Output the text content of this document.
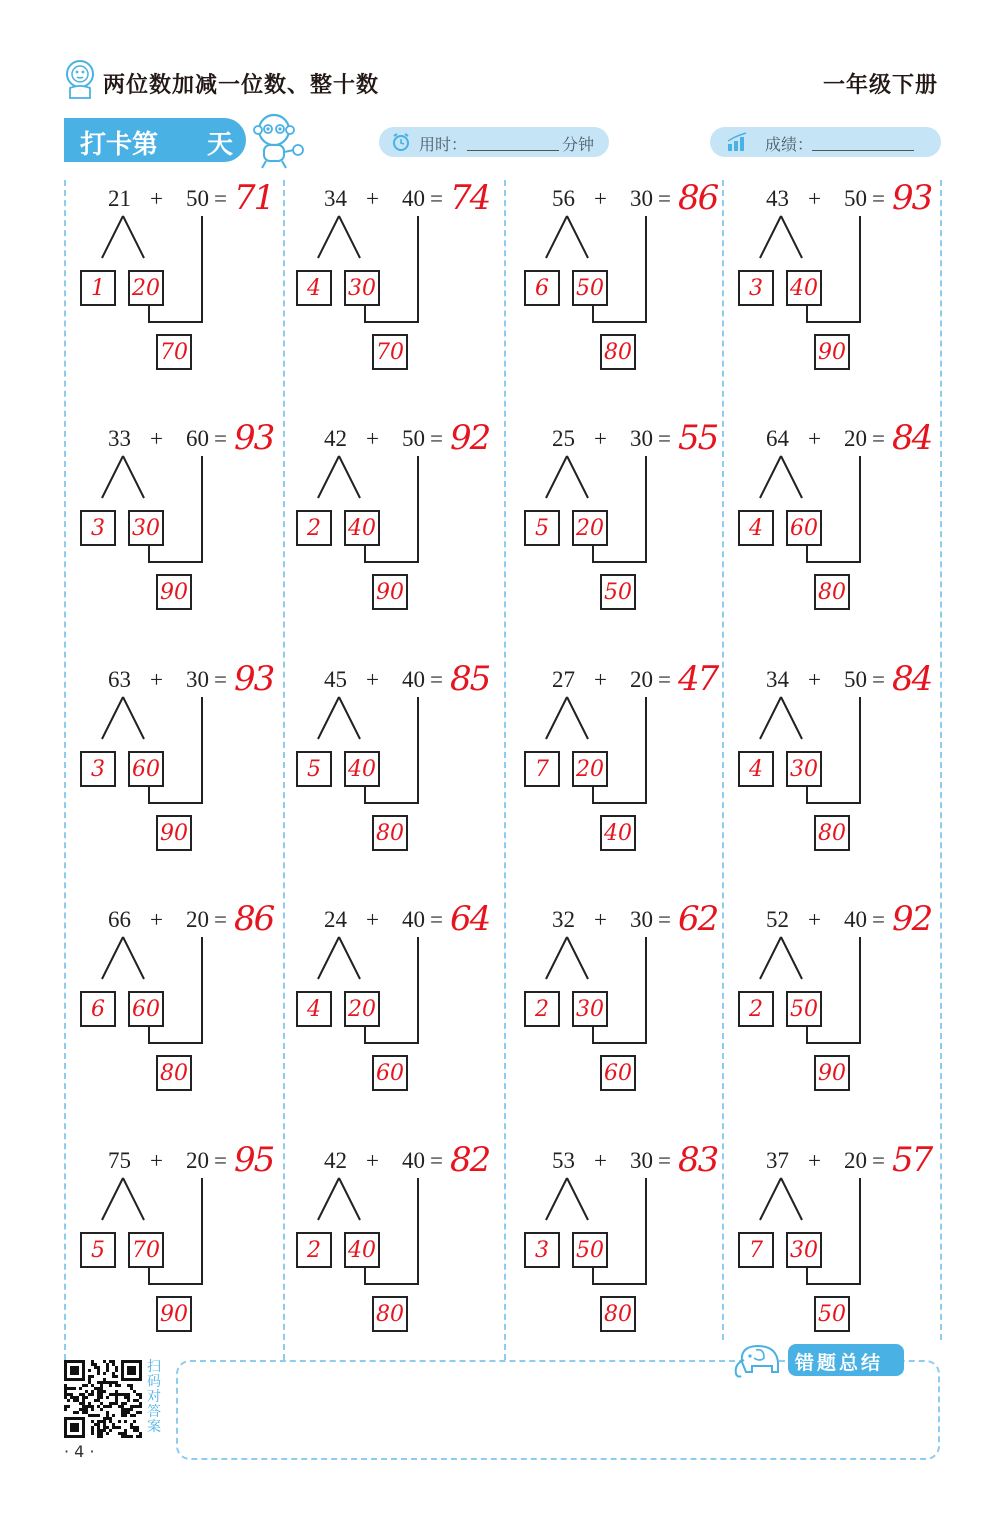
两位数加减一位数、整十数	一年级下册
打卡第 天	用时：	分钟	成绩：
21 + 50 = 71
1	20
70
34 + 40 = 74
4	30
70
56 + 30 = 86
6	50
80
43 + 50 = 93
3	40
90
33 + 60 = 93
3	30
90
42 + 50 = 92
2	40
90
25 + 30 = 55
5	20
50
64 + 20 = 84
4	60
80
63 + 30 = 93
3	60
90
45 + 40 = 85
5	40
80
27 + 20 = 47
7	20
40
34 + 50 = 84
4	30
80
66 + 20 = 86
6	60
80
24 + 40 = 64
4	20
60
32 + 30 = 62
2	30
60
52 + 40 = 92
2	50
90
75 + 20 = 95
5	70
90
42 + 40 = 82
2	40
80
53 + 30 = 83
3	50
80
37 + 20 = 57
7	30
50
扫码对答案
· 4 ·
错题总结
